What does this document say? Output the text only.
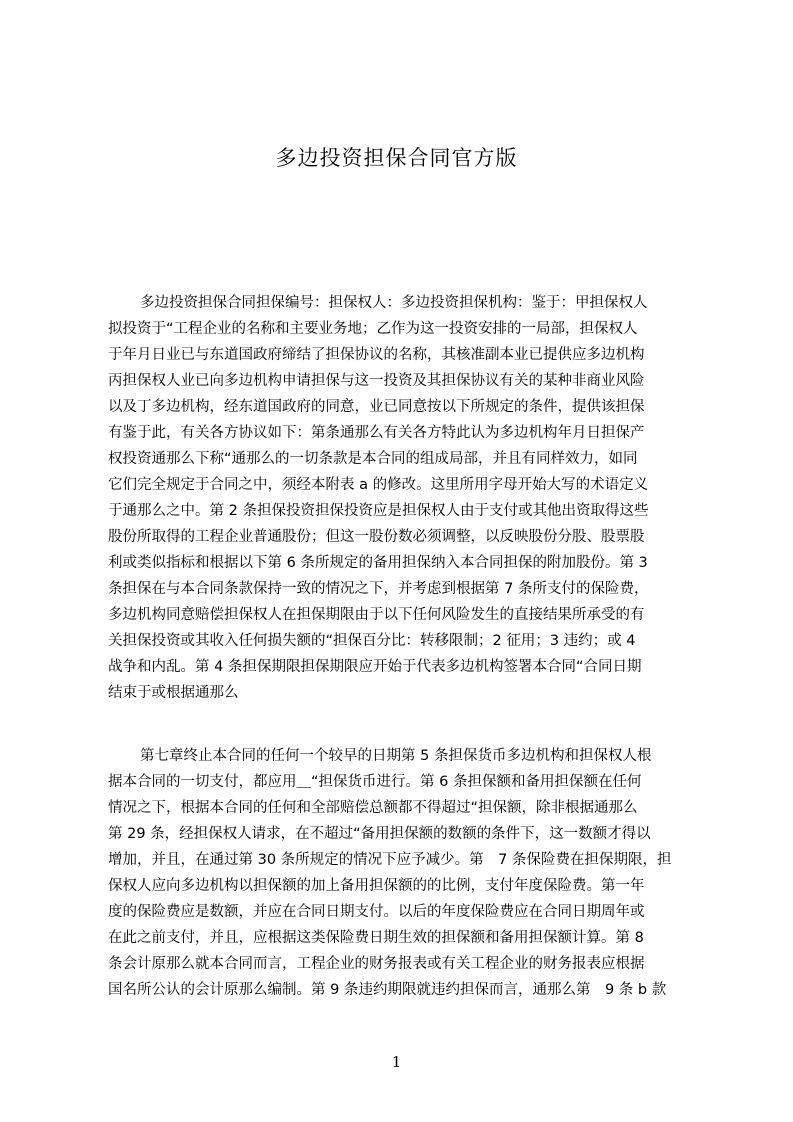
多边投资担保合同官方版
多边投资担保合同担保编号：担保权人：多边投资担保机构：鉴于：甲担保权人
拟投资于“工程企业的名称和主要业务地；乙作为这一投资安排的一局部，担保权人
于年月日业已与东道国政府缔结了担保协议的名称，其核准副本业已提供应多边机构
丙担保权人业已向多边机构申请担保与这一投资及其担保协议有关的某种非商业风险
以及丁多边机构，经东道国政府的同意，业已同意按以下所规定的条件，提供该担保
有鉴于此，有关各方协议如下：第条通那么有关各方特此认为多边机构年月日担保产
权投资通那么下称“通那么的一切条款是本合同的组成局部，并且有同样效力，如同
它们完全规定于合同之中，须经本附表 a 的修改。这里所用字母开始大写的术语定义
于通那么之中。第 2 条担保投资担保投资应是担保权人由于支付或其他出资取得这些
股份所取得的工程企业普通股份；但这一股份数必须调整，以反映股份分股、股票股
利或类似指标和根据以下第 6 条所规定的备用担保纳入本合同担保的附加股份。第 3
条担保在与本合同条款保持一致的情况之下，并考虑到根据第 7 条所支付的保险费，
多边机构同意赔偿担保权人在担保期限由于以下任何风险发生的直接结果所承受的有
关担保投资或其收入任何损失额的“担保百分比：转移限制；2 征用；3 违约；或 4
战争和内乱。第 4 条担保期限担保期限应开始于代表多边机构签署本合同“合同日期
结束于或根据通那么
第七章终止本合同的任何一个较早的日期第 5 条担保货币多边机构和担保权人根
据本合同的一切支付，都应用＿“担保货币进行。第 6 条担保额和备用担保额在任何
情况之下，根据本合同的任何和全部赔偿总额都不得超过“担保额，除非根据通那么
第 29 条，经担保权人请求，在不超过“备用担保额的数额的条件下，这一数额才得以
增加，并且，在通过第 30 条所规定的情况下应予减少。第　7 条保险费在担保期限，担
保权人应向多边机构以担保额的加上备用担保额的的比例，支付年度保险费。第一年
度的保险费应是数额，并应在合同日期支付。以后的年度保险费应在合同日期周年或
在此之前支付，并且，应根据这类保险费日期生效的担保额和备用担保额计算。第 8
条会计原那么就本合同而言，工程企业的财务报表或有关工程企业的财务报表应根据
国名所公认的会计原那么编制。第 9 条违约期限就违约担保而言，通那么第　9 条 b 款
1
